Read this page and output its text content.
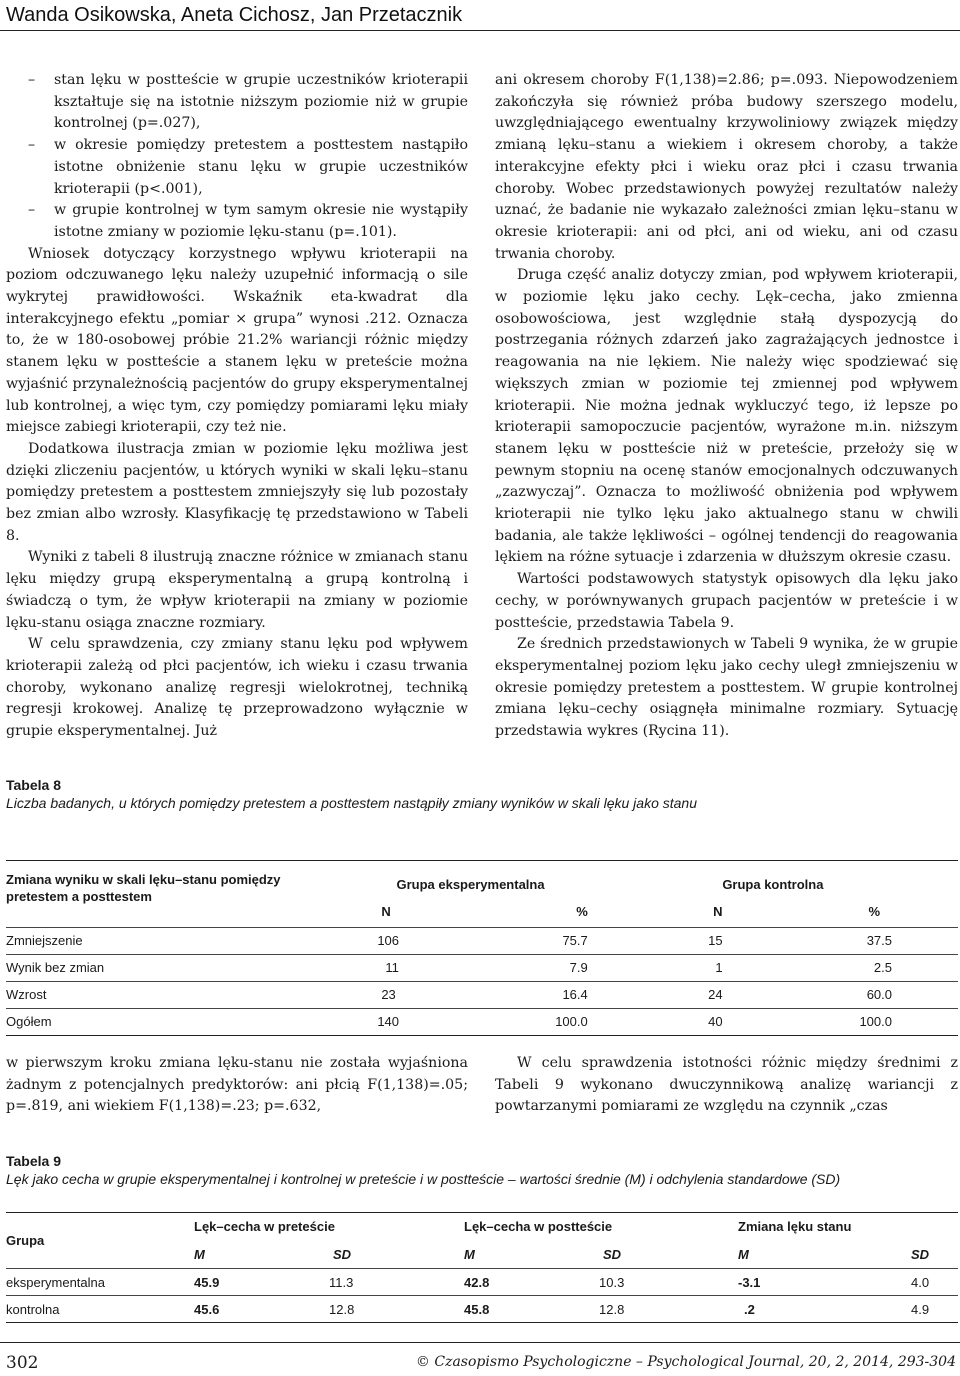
Wanda Osikowska, Aneta Cichosz, Jan Przetacznik
– stan lęku w postteście w grupie uczestników krioterapii kształtuje się na istotnie niższym poziomie niż w grupie kontrolnej (p=.027),
– w okresie pomiędzy pretestem a posttestem nastąpiło istotne obniżenie stanu lęku w grupie uczestników krioterapii (p<.001),
– w grupie kontrolnej w tym samym okresie nie wystąpiły istotne zmiany w poziomie lęku-stanu (p=.101).

Wniosek dotyczący korzystnego wpływu krioterapii na poziom odczuwanego lęku należy uzupełnić informacją o sile wykrytej prawidłowości. Wskaźnik eta-kwadrat dla interakcyjnego efektu „pomiar × grupa” wynosi .212. Oznacza to, że w 180-osobowej próbie 21.2% wariancji różnic między stanem lęku w postteście a stanem lęku w preteście można wyjaśnić przynależnością pacjentów do grupy eksperymentalnej lub kontrolnej, a więc tym, czy pomiędzy pomiarami lęku miały miejsce zabiegi krioterapii, czy też nie.

Dodatkowa ilustracja zmian w poziomie lęku możliwa jest dzięki zliczeniu pacjentów, u których wyniki w skali lęku–stanu pomiędzy pretestem a posttestem zmniejszyły się lub pozostały bez zmian albo wzrosły. Klasyfikację tę przedstawiono w Tabeli 8.

Wyniki z tabeli 8 ilustrują znaczne różnice w zmianach stanu lęku między grupą eksperymentalną a grupą kontrolną i świadczą o tym, że wpływ krioterapii na zmiany w poziomie lęku-stanu osiąga znaczne rozmiary.

W celu sprawdzenia, czy zmiany stanu lęku pod wpływem krioterapii zależą od płci pacjentów, ich wieku i czasu trwania choroby, wykonano analizę regresji wielokrotnej, techniką regresji krokowej. Analizę tę przeprowadzono wyłącznie w grupie eksperymentalnej. Już

ani okresem choroby F(1,138)=2.86; p=.093. Niepowodzeniem zakończyła się również próba budowy szerszego modelu, uwzględniającego ewentualny krzywoliniowy związek między zmianą lęku–stanu a wiekiem i okresem choroby, a także interakcyjne efekty płci i wieku oraz płci i czasu trwania choroby. Wobec przedstawionych powyżej rezultatów należy uznać, że badanie nie wykazało zależności zmian lęku–stanu w okresie krioterapii: ani od płci, ani od wieku, ani od czasu trwania choroby.

Druga część analiz dotyczy zmian, pod wpływem krioterapii, w poziomie lęku jako cechy. Lęk–cecha, jako zmienna osobowościowa, jest względnie stałą dyspozycją do postrzegania różnych zdarzeń jako zagrażających jednostce i reagowania na nie lękiem. Nie należy więc spodziewać się większych zmian w poziomie tej zmiennej pod wpływem krioterapii. Nie można jednak wykluczyć tego, iż lepsze po krioterapii samopoczucie pacjentów, wyrażone m.in. niższym stanem lęku w postteście niż w preteście, przełoży się w pewnym stopniu na ocenę stanów emocjonalnych odczuwanych „zazwyczaj”. Oznacza to możliwość obniżenia pod wpływem krioterapii nie tylko lęku jako aktualnego stanu w chwili badania, ale także lękliwości – ogólnej tendencji do reagowania lękiem na różne sytuacje i zdarzenia w dłuższym okresie czasu.

Wartości podstawowych statystyk opisowych dla lęku jako cechy, w porównywanych grupach pacjentów w preteście i w postteście, przedstawia Tabela 9.

Ze średnich przedstawionych w Tabeli 9 wynika, że w grupie eksperymentalnej poziom lęku jako cechy uległ zmniejszeniu w okresie pomiędzy pretestem a posttestem. W grupie kontrolnej zmiana lęku–cechy osiągnęła minimalne rozmiary. Sytuację przedstawia wykres (Rycina 11).

Tabela 8
Liczba badanych, u których pomiędzy pretestem a posttestem nastąpiły zmiany wyników w skali lęku jako stanu
Zmiana wyniku w skali lęku–stanu pomiędzy pretestem a posttestem	Grupa eksperymentalna		Grupa kontrolna	
	N	%	N	%
Zmniejszenie	106	75.7	15	37.5
Wynik bez zmian	11	7.9	1	2.5
Wzrost	23	16.4	24	60.0
Ogółem	140	100.0	40	100.0
w pierwszym kroku zmiana lęku-stanu nie została wyjaśniona żadnym z potencjalnych predyktorów: ani płcią F(1,138)=.05; p=.819, ani wiekiem F(1,138)=.23; p=.632,
W celu sprawdzenia istotności różnic między średnimi z Tabeli 9 wykonano dwuczynnikową analizę wariancji z powtarzanymi pomiarami ze względu na czynnik „czas
Tabela 9
Lęk jako cecha w grupie eksperymentalnej i kontrolnej w preteście i w postteście – wartości średnie (M) i odchylenia standardowe (SD)
Grupa	Lęk–cecha w preteście		Lęk–cecha w postteście		Zmiana lęku stanu	
	M	SD	M	SD	M	SD
eksperymentalna	45.9	11.3	42.8	10.3	-3.1	4.0
kontrolna	45.6	12.8	45.8	12.8	.2	4.9
302	© Czasopismo Psychologiczne – Psychological Journal, 20, 2, 2014, 293-304
